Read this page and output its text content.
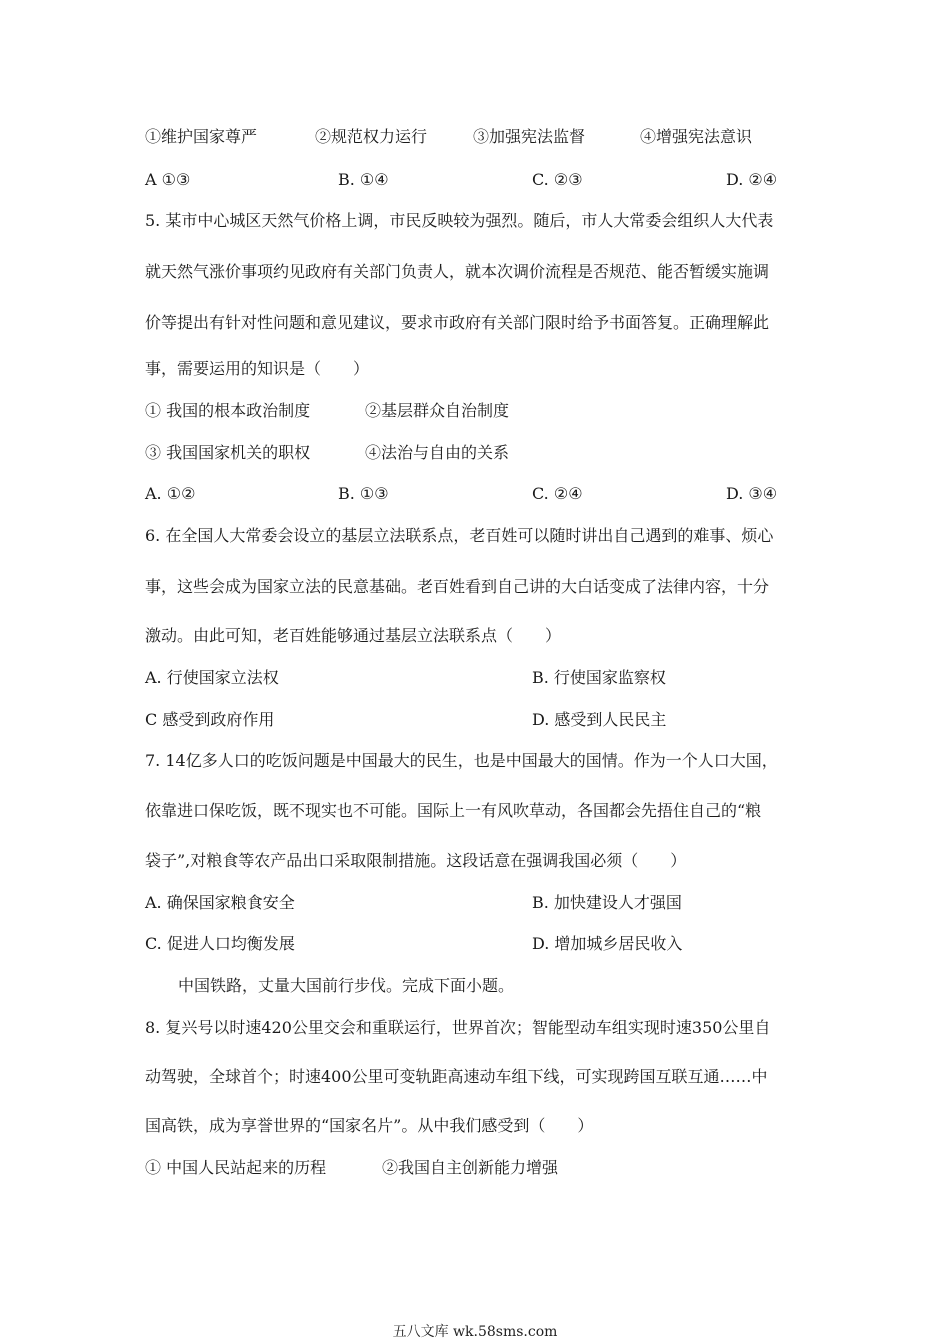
①维护国家尊严	②规范权力运行	③加强宪法监督	④增强宪法意识
A ①③	B. ①④	C. ②③	D. ②④
5. 某市中心城区天然气价格上调，市民反映较为强烈。随后，市人大常委会组织人大代表
就天然气涨价事项约见政府有关部门负责人，就本次调价流程是否规范、能否暂缓实施调
价等提出有针对性问题和意见建议，要求市政府有关部门限时给予书面答复。正确理解此
事，需要运用的知识是（　　）
① 我国的根本政治制度	②基层群众自治制度
③ 我国国家机关的职权	④法治与自由的关系
A. ①②	B. ①③	C. ②④	D. ③④
6. 在全国人大常委会设立的基层立法联系点，老百姓可以随时讲出自己遇到的难事、烦心
事，这些会成为国家立法的民意基础。老百姓看到自己讲的大白话变成了法律内容，十分
激动。由此可知，老百姓能够通过基层立法联系点（　　）
A. 行使国家立法权	B. 行使国家监察权
C 感受到政府作用	D. 感受到人民民主
7. 14亿多人口的吃饭问题是中国最大的民生，也是中国最大的国情。作为一个人口大国，
依靠进口保吃饭，既不现实也不可能。国际上一有风吹草动，各国都会先捂住自己的“粮
袋子”,对粮食等农产品出口采取限制措施。这段话意在强调我国必须（　　）
A. 确保国家粮食安全	B. 加快建设人才强国
C. 促进人口均衡发展	D. 增加城乡居民收入
中国铁路，丈量大国前行步伐。完成下面小题。
8. 复兴号以时速420公里交会和重联运行，世界首次；智能型动车组实现时速350公里自
动驾驶，全球首个；时速400公里可变轨距高速动车组下线，可实现跨国互联互通……中
国高铁，成为享誉世界的“国家名片”。从中我们感受到（　　）
① 中国人民站起来的历程	②我国自主创新能力增强
五八文库 wk.58sms.com
